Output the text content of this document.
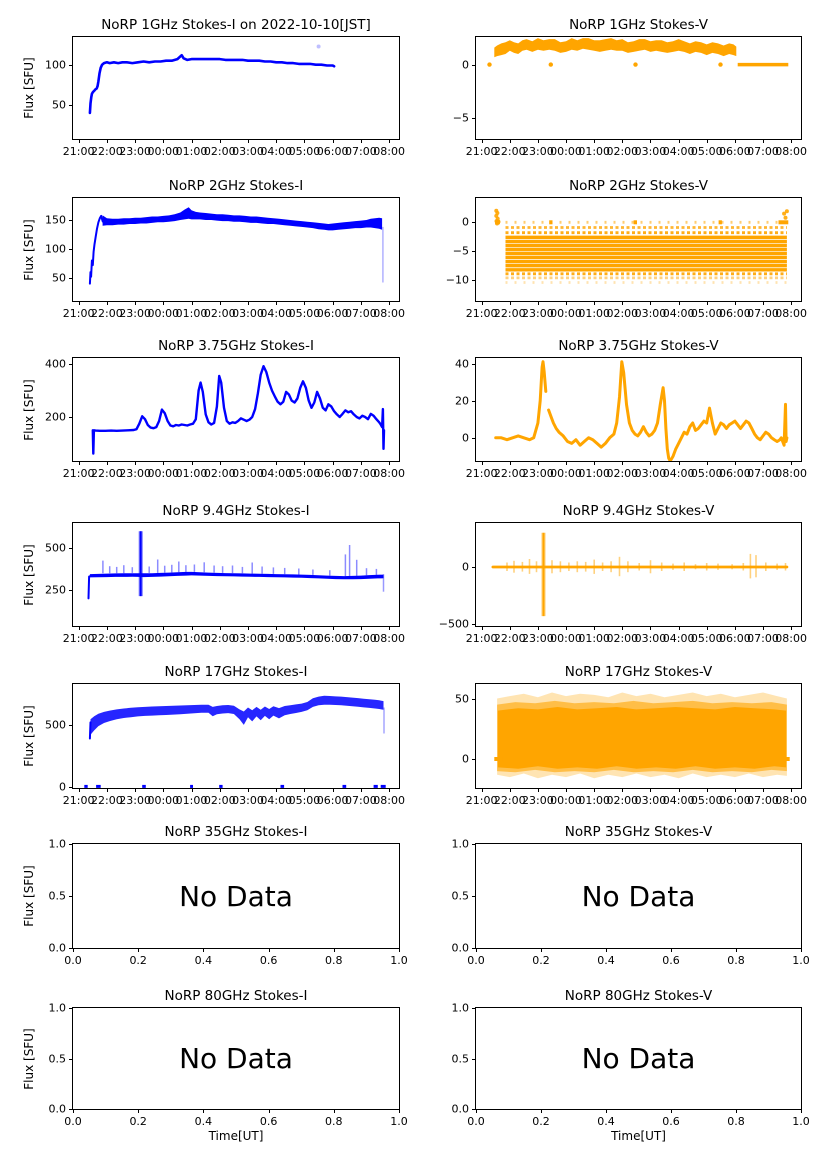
NoRP 1GHz Stokes-I on 2022-10-10[JST]
Flux [SFU]
21:00
22:00
23:00
00:00
01:00
02:00
03:00
04:00
05:00
06:00
07:00
08:00
50
100
NoRP 1GHz Stokes-V
21:00
22:00
23:00
00:00
01:00
02:00
03:00
04:00
05:00
06:00
07:00
08:00
−5
0
NoRP 2GHz Stokes-I
Flux [SFU]
21:00
22:00
23:00
00:00
01:00
02:00
03:00
04:00
05:00
06:00
07:00
08:00
50
100
150
NoRP 2GHz Stokes-V
21:00
22:00
23:00
00:00
01:00
02:00
03:00
04:00
05:00
06:00
07:00
08:00
−10
−5
0
NoRP 3.75GHz Stokes-I
Flux [SFU]
21:00
22:00
23:00
00:00
01:00
02:00
03:00
04:00
05:00
06:00
07:00
08:00
200
400
NoRP 3.75GHz Stokes-V
21:00
22:00
23:00
00:00
01:00
02:00
03:00
04:00
05:00
06:00
07:00
08:00
0
20
40
NoRP 9.4GHz Stokes-I
Flux [SFU]
21:00
22:00
23:00
00:00
01:00
02:00
03:00
04:00
05:00
06:00
07:00
08:00
250
500
NoRP 9.4GHz Stokes-V
21:00
22:00
23:00
00:00
01:00
02:00
03:00
04:00
05:00
06:00
07:00
08:00
−500
0
NoRP 17GHz Stokes-I
Flux [SFU]
21:00
22:00
23:00
00:00
01:00
02:00
03:00
04:00
05:00
06:00
07:00
08:00
0
500
NoRP 17GHz Stokes-V
21:00
22:00
23:00
00:00
01:00
02:00
03:00
04:00
05:00
06:00
07:00
08:00
0
50
NoRP 35GHz Stokes-I
Flux [SFU]	No Data
0.0	0.2	0.4	0.6	0.8	1.0
0.0
0.5
1.0
NoRP 35GHz Stokes-V
No Data
0.0	0.2	0.4	0.6	0.8	1.0
0.0
0.5
1.0
NoRP 80GHz Stokes-I
Flux [SFU]
Time[UT]
No Data
0.0	0.2	0.4	0.6	0.8	1.0
0.0
0.5
1.0
NoRP 80GHz Stokes-V
Time[UT]
No Data
0.0	0.2	0.4	0.6	0.8	1.0
0.0
0.5
1.0
